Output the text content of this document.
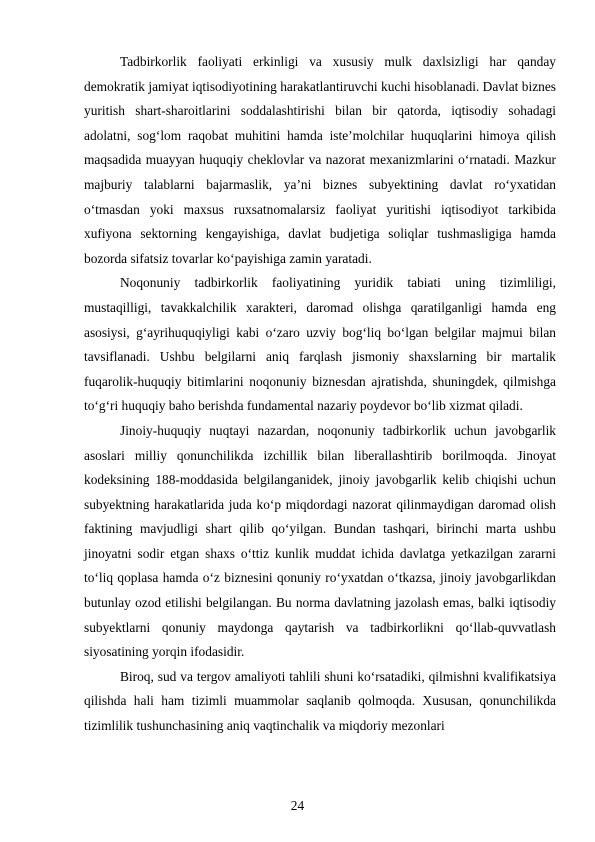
Tadbirkorlik faoliyati erkinligi va xususiy mulk daxlsizligi har qanday demokratik jamiyat iqtisodiyotining harakatlantiruvchi kuchi hisoblanadi. Davlat biznes yuritish shart-sharoitlarini soddalashtirishi bilan bir qatorda, iqtisodiy sohadagi adolatni, sog‘lom raqobat muhitini hamda iste’molchilar huquqlarini himoya qilish maqsadida muayyan huquqiy cheklovlar va nazorat mexanizmlarini o‘rnatadi. Mazkur majburiy talablarni bajarmaslik, ya’ni biznes subyektining davlat ro‘yxatidan o‘tmasdan yoki maxsus ruxsatnomalarsiz faoliyat yuritishi iqtisodiyot tarkibida xufiyona sektorning kengayishiga, davlat budjetiga soliqlar tushmasligiga hamda bozorda sifatsiz tovarlar ko‘payishiga zamin yaratadi.

Noqonuniy tadbirkorlik faoliyatining yuridik tabiati uning tizimliligi, mustaqilligi, tavakkalchilik xarakteri, daromad olishga qaratilganligi hamda eng asosiysi, g‘ayrihuquqiyligi kabi o‘zaro uzviy bog‘liq bo‘lgan belgilar majmui bilan tavsiflanadi. Ushbu belgilarni aniq farqlash jismoniy shaxslarning bir martalik fuqarolik-huquqiy bitimlarini noqonuniy biznesdan ajratishda, shuningdek, qilmishga to‘g‘ri huquqiy baho berishda fundamental nazariy poydevor bo‘lib xizmat qiladi.

Jinoiy-huquqiy nuqtayi nazardan, noqonuniy tadbirkorlik uchun javobgarlik asoslari milliy qonunchilikda izchillik bilan liberallashtirib borilmoqda. Jinoyat kodeksining 188-moddasida belgilanganidek, jinoiy javobgarlik kelib chiqishi uchun subyektning harakatlarida juda ko‘p miqdordagi nazorat qilinmaydigan daromad olish faktining mavjudligi shart qilib qo‘yilgan. Bundan tashqari, birinchi marta ushbu jinoyatni sodir etgan shaxs o‘ttiz kunlik muddat ichida davlatga yetkazilgan zararni to‘liq qoplasa hamda o‘z biznesini qonuniy ro‘yxatdan o‘tkazsa, jinoiy javobgarlikdan butunlay ozod etilishi belgilangan. Bu norma davlatning jazolash emas, balki iqtisodiy subyektlarni qonuniy maydonga qaytarish va tadbirkorlikni qo‘llab-quvvatlash siyosatining yorqin ifodasidir.

Biroq, sud va tergov amaliyoti tahlili shuni ko‘rsatadiki, qilmishni kvalifikatsiya qilishda hali ham tizimli muammolar saqlanib qolmoqda. Xususan, qonunchilikda tizimlilik tushunchasining aniq vaqtinchalik va miqdoriy mezonlari

24
